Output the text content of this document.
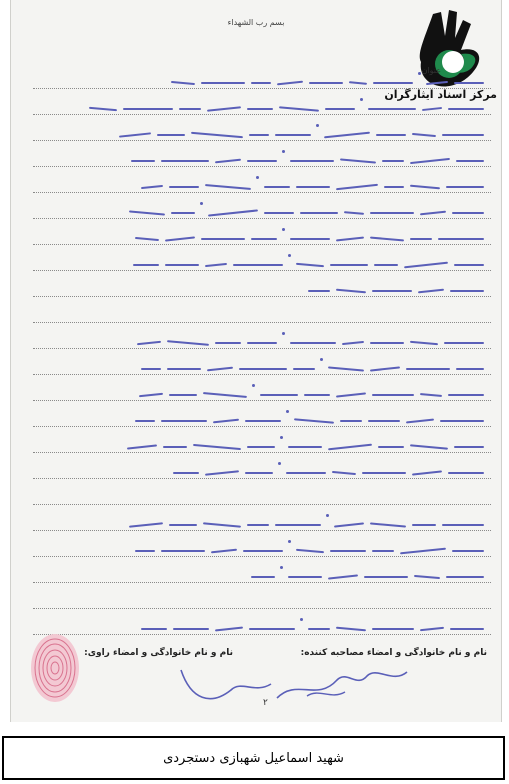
بسم رب الشهداء
عنوان
مرکز اسناد ایثارگران
نام و نام خانوادگی و امضاء مصاحبه کننده:
نام و نام خانوادگی و امضاء راوی:
۲
شهید اسماعیل شهبازی دستجردی
